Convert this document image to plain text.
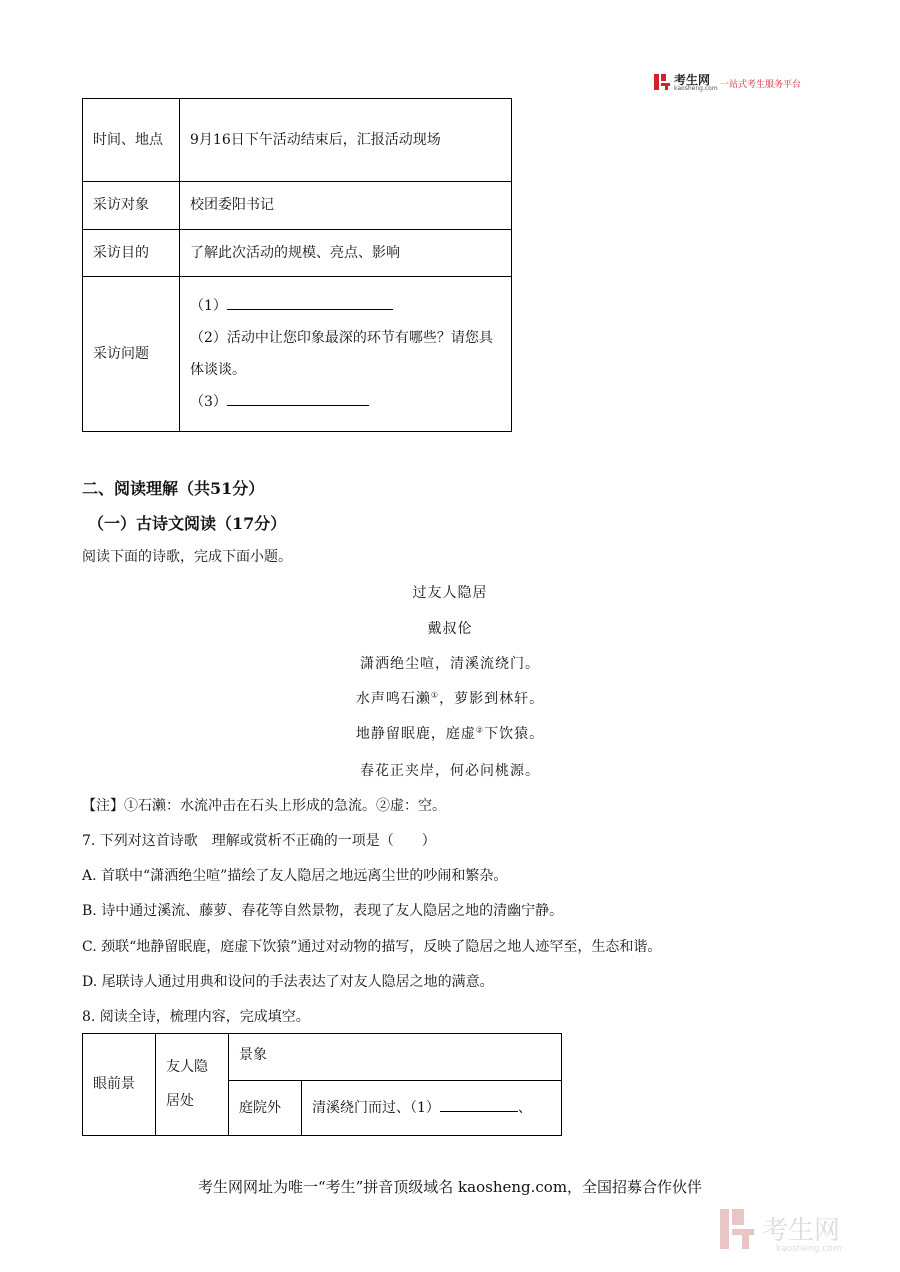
考生网
kaosheng.com 一站式考生服务平台
时间、地点	9月16日下午活动结束后，汇报活动现场
采访对象	校团委阳书记
采访目的	了解此次活动的规模、亮点、影响
采访问题	（1）
（2）活动中让您印象最深的环节有哪些？请您具体谈谈。
（3）
二、阅读理解（共51分）
（一）古诗文阅读（17分）
阅读下面的诗歌，完成下面小题。
过友人隐居
戴叔伦
潇洒绝尘喧，清溪流绕门。
水声鸣石濑①，萝影到林轩。
地静留眠鹿，庭虚②下饮猿。
春花正夹岸，何必问桃源。
【注】①石濑：水流冲击在石头上形成的急流。②虚：空。
7. 下列对这首诗歌　理解或赏析不正确的一项是（　　）
A. 首联中“潇洒绝尘喧”描绘了友人隐居之地远离尘世的吵闹和繁杂。
B. 诗中通过溪流、藤萝、春花等自然景物，表现了友人隐居之地的清幽宁静。
C. 颈联“地静留眠鹿，庭虚下饮猿”通过对动物的描写，反映了隐居之地人迹罕至，生态和谐。
D. 尾联诗人通过用典和设问的手法表达了对友人隐居之地的满意。
8. 阅读全诗，梳理内容，完成填空。
眼前景	友人隐居处	景象	
		庭院外	清溪绕门而过、（1） 、
考生网网址为唯一“考生”拼音顶级域名 kaosheng.com，全国招募合作伙伴
考生网
kaosheng.com
